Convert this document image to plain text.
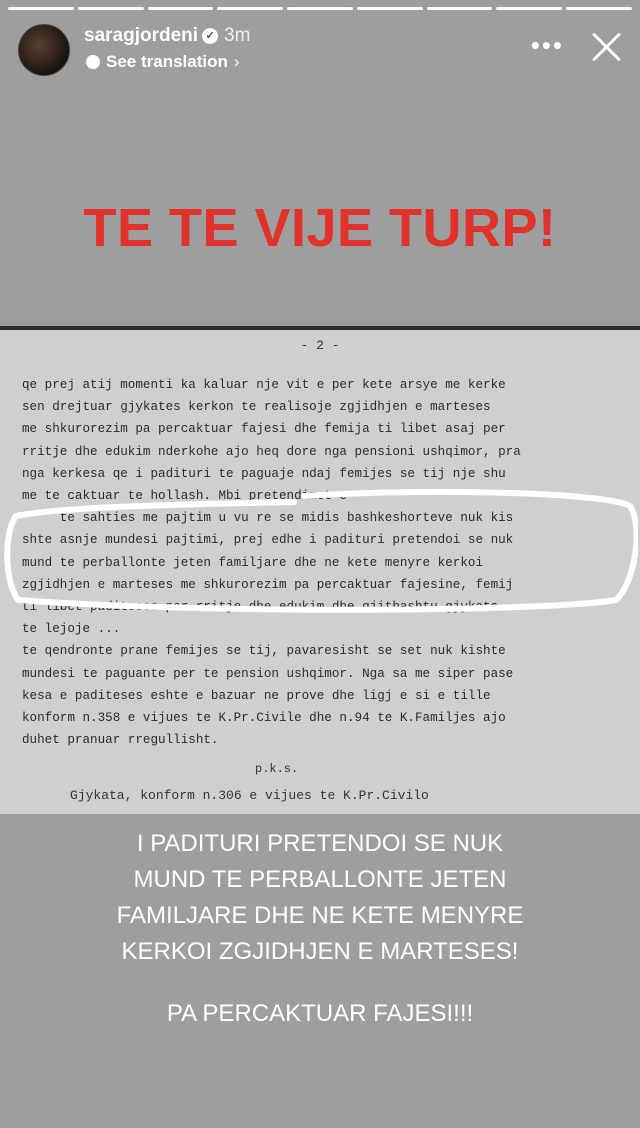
saragjordeni ✓ 3m
See translation ›
•••
TE TE VIJE TURP!
- 2 -
qe prej atij momenti ka kaluar nje vit e per kete arsye me kerke
sen drejtuar gjykates kerkon te realisoje zgjidhjen e marteses
me shkurorezim pa percaktuar fajesi dhe femija ti libet asaj per
rritje dhe edukim nderkohe ajo heq dore nga pensioni ushqimor, pra
nga kerkesa qe i padituri te paguaje ndaj femijes se tij nje shu
me te caktuar te hollash. Mbi pretendimet e
te sahties me pajtim u vu re se midis bashkeshorteve nuk kis
shte asnje mundesi pajtimi, prej edhe i padituri pretendoi se nuk
mund te perballonte jeten familjare dhe ne kete menyre kerkoi
zgjidhjen e marteses me shkurorezim pa percaktuar fajesine, femij
ti libet paditeses per rritje dhe edukim dhe gjithashtu gjykata
te lejoje ...
te qendronte prane femijes se tij, pavaresisht se set nuk kishte
mundesi te paguante per te pension ushqimor. Nga sa me siper pase
kesa e paditeses eshte e bazuar ne prove dhe ligj e si e tille
konform n.358 e vijues te K.Pr.Civile dhe n.94 te K.Familjes ajo
duhet pranuar rregullisht.
p.k.s.
Gjykata, konform n.306 e vijues te K.Pr.Civilo
I PADITURI PRETENDOI SE NUK
MUND TE PERBALLONTE JETEN
FAMILJARE DHE NE KETE MENYRE
KERKOI ZGJIDHJEN E MARTESES!
PA PERCAKTUAR FAJESI!!!
